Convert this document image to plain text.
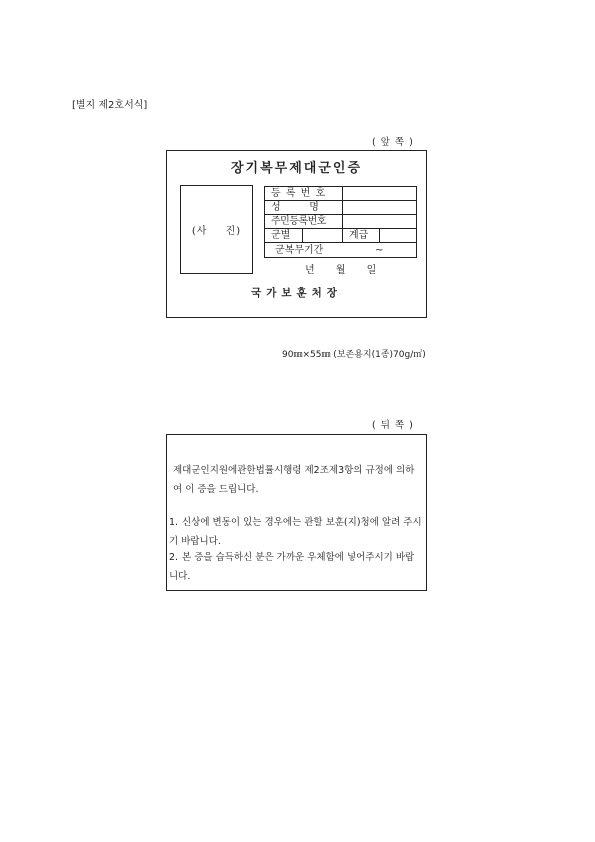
[별지 제2호서식]
( 앞 쪽 )
장기복무제대군인증
(사 진)
등 록 번 호
성         명
주민등록번호
군별	계급
군복무기간	~
년 월 일
국가보훈처장
90㎜×55㎜ (보존용지(1종)70g/㎡)
( 뒤 쪽 )
제대군인지원에관한법률시행령 제2조제3항의 규정에 의하여 이 증을 드립니다.
1. 신상에 변동이 있는 경우에는 관할 보훈(지)청에 알려 주시기 바랍니다.
2. 본 증을 습득하신 분은 가까운 우체함에 넣어주시기 바랍니다.
